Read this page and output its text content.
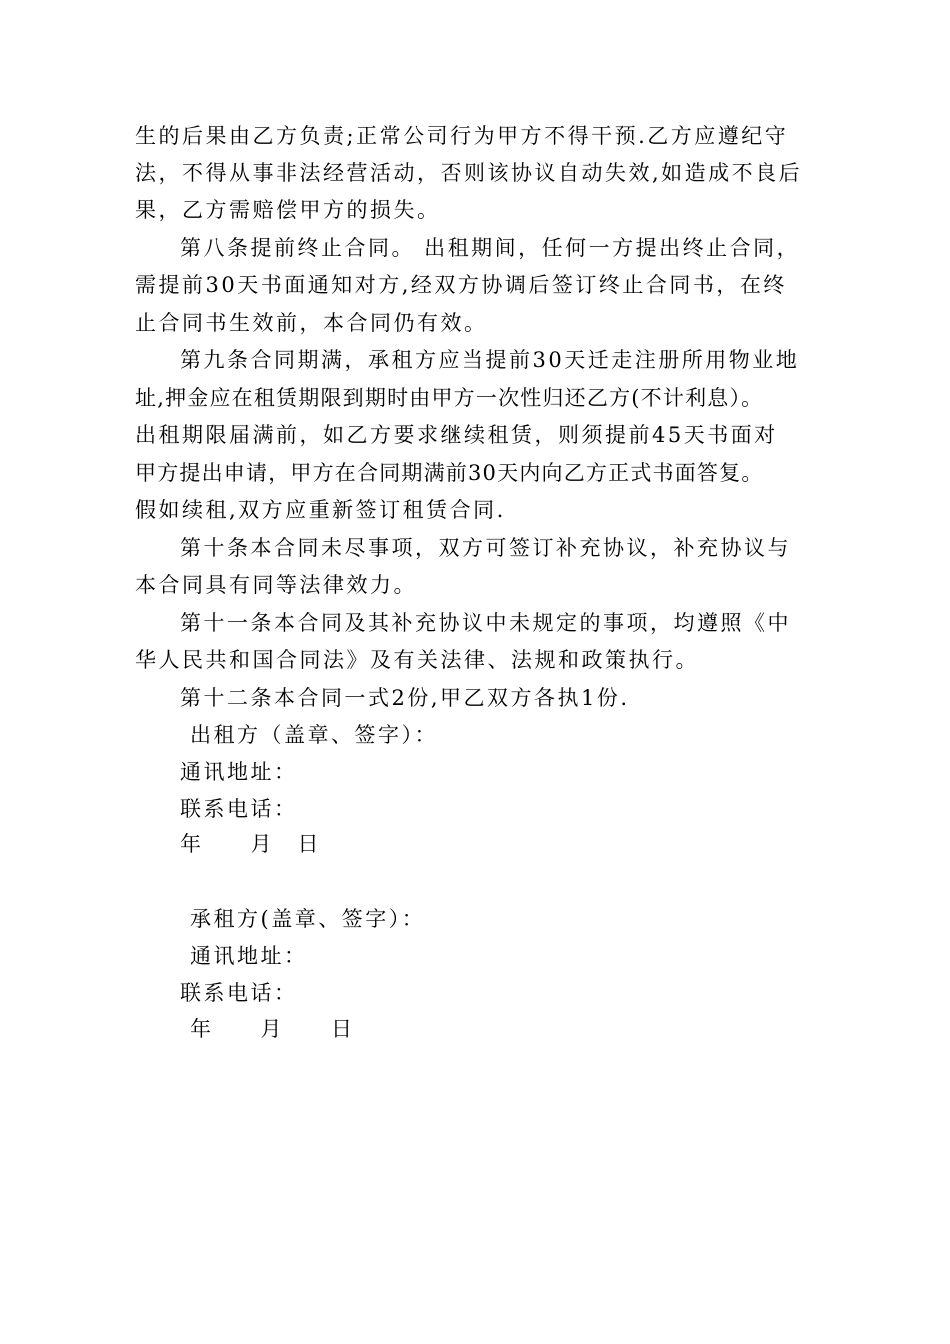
生的后果由乙方负责;正常公司行为甲方不得干预.乙方应遵纪守
法，不得从事非法经营活动，否则该协议自动失效,如造成不良后
果，乙方需赔偿甲方的损失。
第八条提前终止合同。 出租期间，任何一方提出终止合同，
需提前30天书面通知对方,经双方协调后签订终止合同书，在终
止合同书生效前，本合同仍有效。
第九条合同期满，承租方应当提前30天迁走注册所用物业地
址,押金应在租赁期限到期时由甲方一次性归还乙方(不计利息）。
出租期限届满前，如乙方要求继续租赁，则须提前45天书面对
甲方提出申请，甲方在合同期满前30天内向乙方正式书面答复。
假如续租,双方应重新签订租赁合同.
第十条本合同未尽事项，双方可签订补充协议，补充协议与
本合同具有同等法律效力。
第十一条本合同及其补充协议中未规定的事项，均遵照《中
华人民共和国合同法》及有关法律、法规和政策执行。
第十二条本合同一式2份,甲乙双方各执1份.
出租方（盖章、签字）：
通讯地址：
联系电话：
年　　月　日
承租方(盖章、签字）：
通讯地址：
联系电话：
年　　月　　日
